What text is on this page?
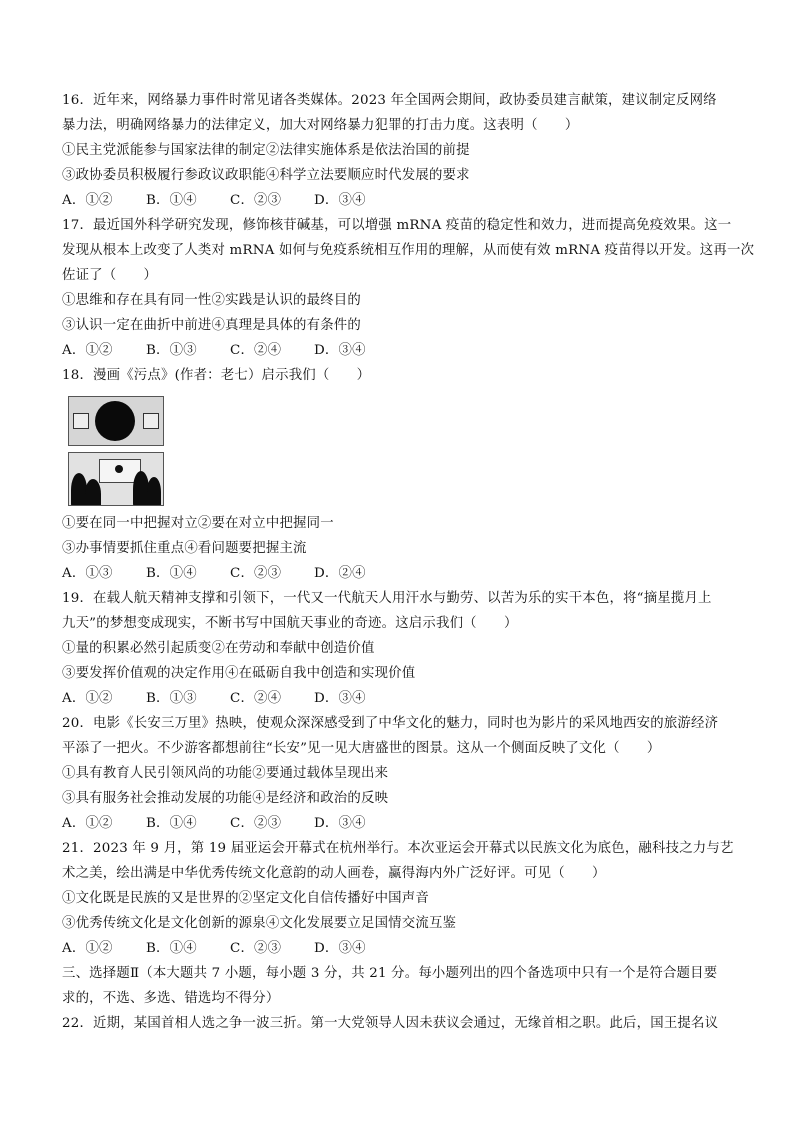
16．近年来，网络暴力事件时常见诸各类媒体。2023 年全国两会期间，政协委员建言献策，建议制定反网络
暴力法，明确网络暴力的法律定义，加大对网络暴力犯罪的打击力度。这表明（　　）
①民主党派能参与国家法律的制定②法律实施体系是依法治国的前提
③政协委员积极履行参政议政职能④科学立法要顺应时代发展的要求
A．①②	B．①④	C．②③	D．③④
17．最近国外科学研究发现，修饰核苷碱基，可以增强 mRNA 疫苗的稳定性和效力，进而提高免疫效果。这一
发现从根本上改变了人类对 mRNA 如何与免疫系统相互作用的理解，从而使有效 mRNA 疫苗得以开发。这再一次
佐证了（　　）
①思维和存在具有同一性②实践是认识的最终目的
③认识一定在曲折中前进④真理是具体的有条件的
A．①②	B．①③	C．②④	D．③④
18．漫画《污点》(作者：老七）启示我们（　　）
①要在同一中把握对立②要在对立中把握同一
③办事情要抓住重点④看问题要把握主流
A．①③	B．①④	C．②③	D．②④
19．在载人航天精神支撑和引领下，一代又一代航天人用汗水与勤劳、以苦为乐的实干本色，将“摘星揽月上
九天”的梦想变成现实，不断书写中国航天事业的奇迹。这启示我们（　　）
①量的积累必然引起质变②在劳动和奉献中创造价值
③要发挥价值观的决定作用④在砥砺自我中创造和实现价值
A．①②	B．①③	C．②④	D．③④
20．电影《长安三万里》热映，使观众深深感受到了中华文化的魅力，同时也为影片的采风地西安的旅游经济
平添了一把火。不少游客都想前往“长安”见一见大唐盛世的图景。这从一个侧面反映了文化（　　）
①具有教育人民引领风尚的功能②要通过载体呈现出来
③具有服务社会推动发展的功能④是经济和政治的反映
A．①②	B．①④	C．②③	D．③④
21．2023 年 9 月，第 19 届亚运会开幕式在杭州举行。本次亚运会开幕式以民族文化为底色，融科技之力与艺
术之美，绘出满是中华优秀传统文化意韵的动人画卷，赢得海内外广泛好评。可见（　　）
①文化既是民族的又是世界的②坚定文化自信传播好中国声音
③优秀传统文化是文化创新的源泉④文化发展要立足国情交流互鉴
A．①②	B．①④	C．②③	D．③④
三、选择题Ⅱ（本大题共 7 小题，每小题 3 分，共 21 分。每小题列出的四个备选项中只有一个是符合题目要
求的，不选、多选、错选均不得分）
22．近期，某国首相人选之争一波三折。第一大党领导人因未获议会通过，无缘首相之职。此后，国王提名议
